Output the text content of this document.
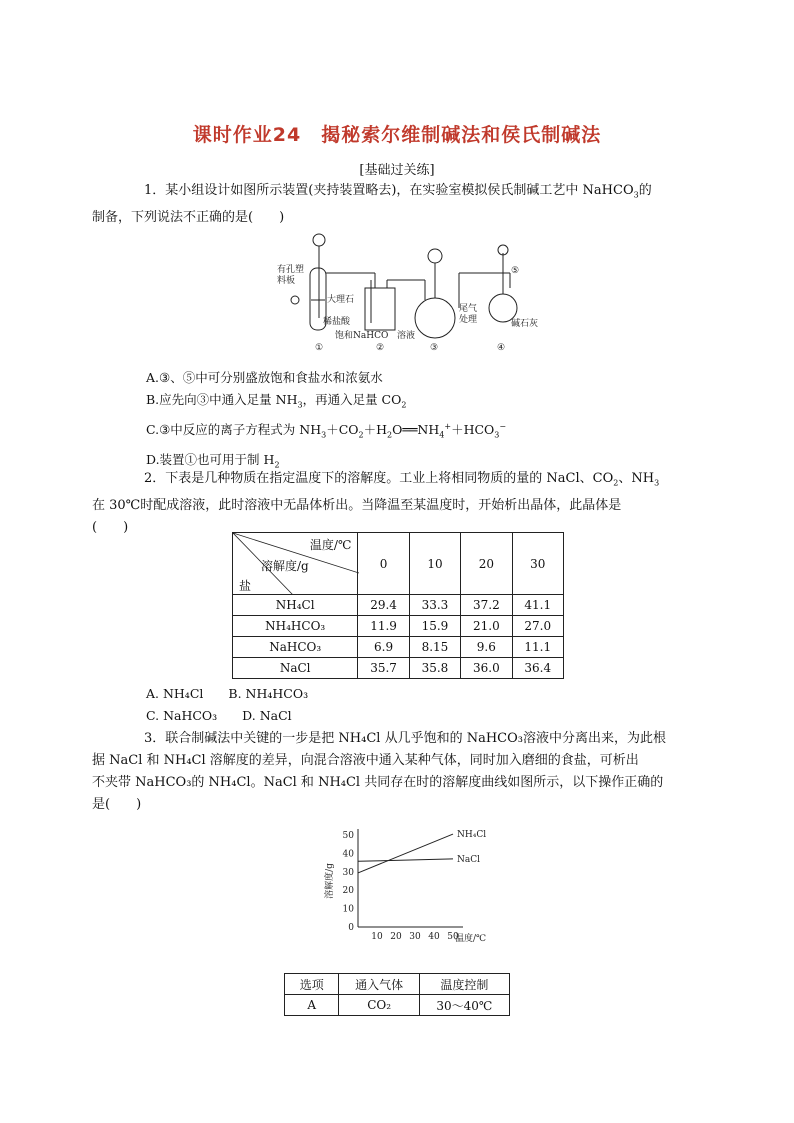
课时作业24　揭秘索尔维制碱法和侯氏制碱法
[基础过关练]
1．某小组设计如图所示装置(夹持装置略去)，在实验室模拟侯氏制碱工艺中 NaHCO$_3$的
制备，下列说法不正确的是(　　)
有孔塑
料板
大理石
稀盐酸
饱和NaHCO 溶液
尾气
处理	碱石灰
①	②	③	④
⑤
A.③、⑤中可分别盛放饱和食盐水和浓氨水
B.应先向③中通入足量 $NH_3$，再通入足量 $CO_2$
C.③中反应的离子方程式为 $NH_3+CO_2+H_2O══NH_4^++HCO_3^-$
D.装置①也可用于制 $H_2$
2．下表是几种物质在指定温度下的溶解度。工业上将相同物质的量的 NaCl、$CO_2$、$NH_3$
在 30℃时配成溶液，此时溶液中无晶体析出。当降温至某温度时，开始析出晶体，此晶体是
(　　)
温度/℃
溶解度/g
盐	0	10	20	30
NH₄Cl	29.4	33.3	37.2	41.1
NH₄HCO₃	11.9	15.9	21.0	27.0
NaHCO₃	6.9	8.15	9.6	11.1
NaCl	35.7	35.8	36.0	36.4
A. NH₄Cl　　B. NH₄HCO₃
C. NaHCO₃　　D. NaCl
3．联合制碱法中关键的一步是把 NH₄Cl 从几乎饱和的 NaHCO₃溶液中分离出来，为此根
据 NaCl 和 NH₄Cl 溶解度的差异，向混合溶液中通入某种气体，同时加入磨细的食盐，可析出
不夹带 NaHCO₃的 NH₄Cl。NaCl 和 NH₄Cl 共同存在时的溶解度曲线如图所示，以下操作正确的
是(　　)
0
10
20
30
40
50
10 20 30 40 50
温度/℃
溶解度/g
NH₄Cl
NaCl
选项	通入气体	温度控制
A	CO₂	30～40℃
